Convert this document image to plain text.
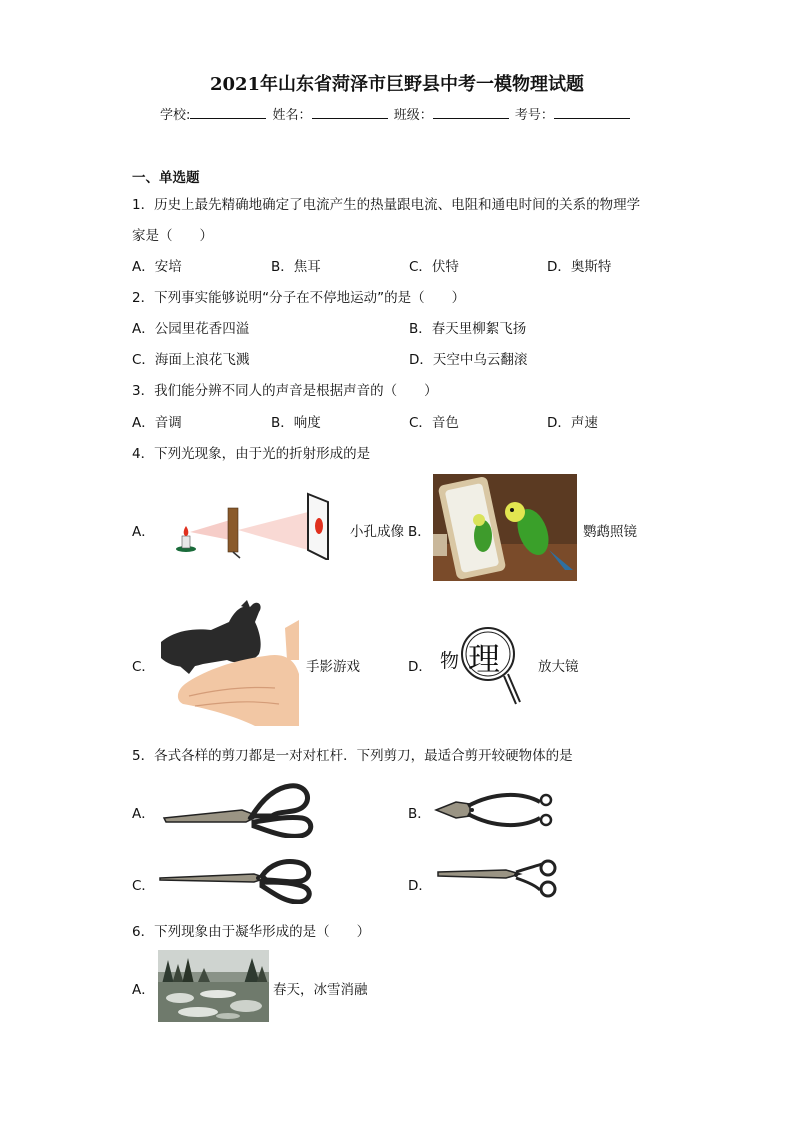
2021年山东省菏泽市巨野县中考一模物理试题
学校:	姓名：	班级：	考号：
一、单选题
1．历史上最先精确地确定了电流产生的热量跟电流、电阻和通电时间的关系的物理学
家是（　　）
A．安培	B．焦耳	C．伏特	D．奥斯特
2．下列事实能够说明“分子在不停地运动”的是（　　）
A．公园里花香四溢	B．春天里柳絮飞扬
C．海面上浪花飞溅	D．天空中乌云翻滚
3．我们能分辨不同人的声音是根据声音的（　　）
A．音调	B．响度	C．音色	D．声速
4．下列光现象，由于光的折射形成的是
A．	小孔成像 B．	鹦鹉照镜
C．	手影游戏	D． 物 理	放大镜
5．各式各样的剪刀都是一对对杠杆．下列剪刀，最适合剪开较硬物体的是
A．	B．
C．	D．
6．下列现象由于凝华形成的是（　　）
A．	春天，冰雪消融
